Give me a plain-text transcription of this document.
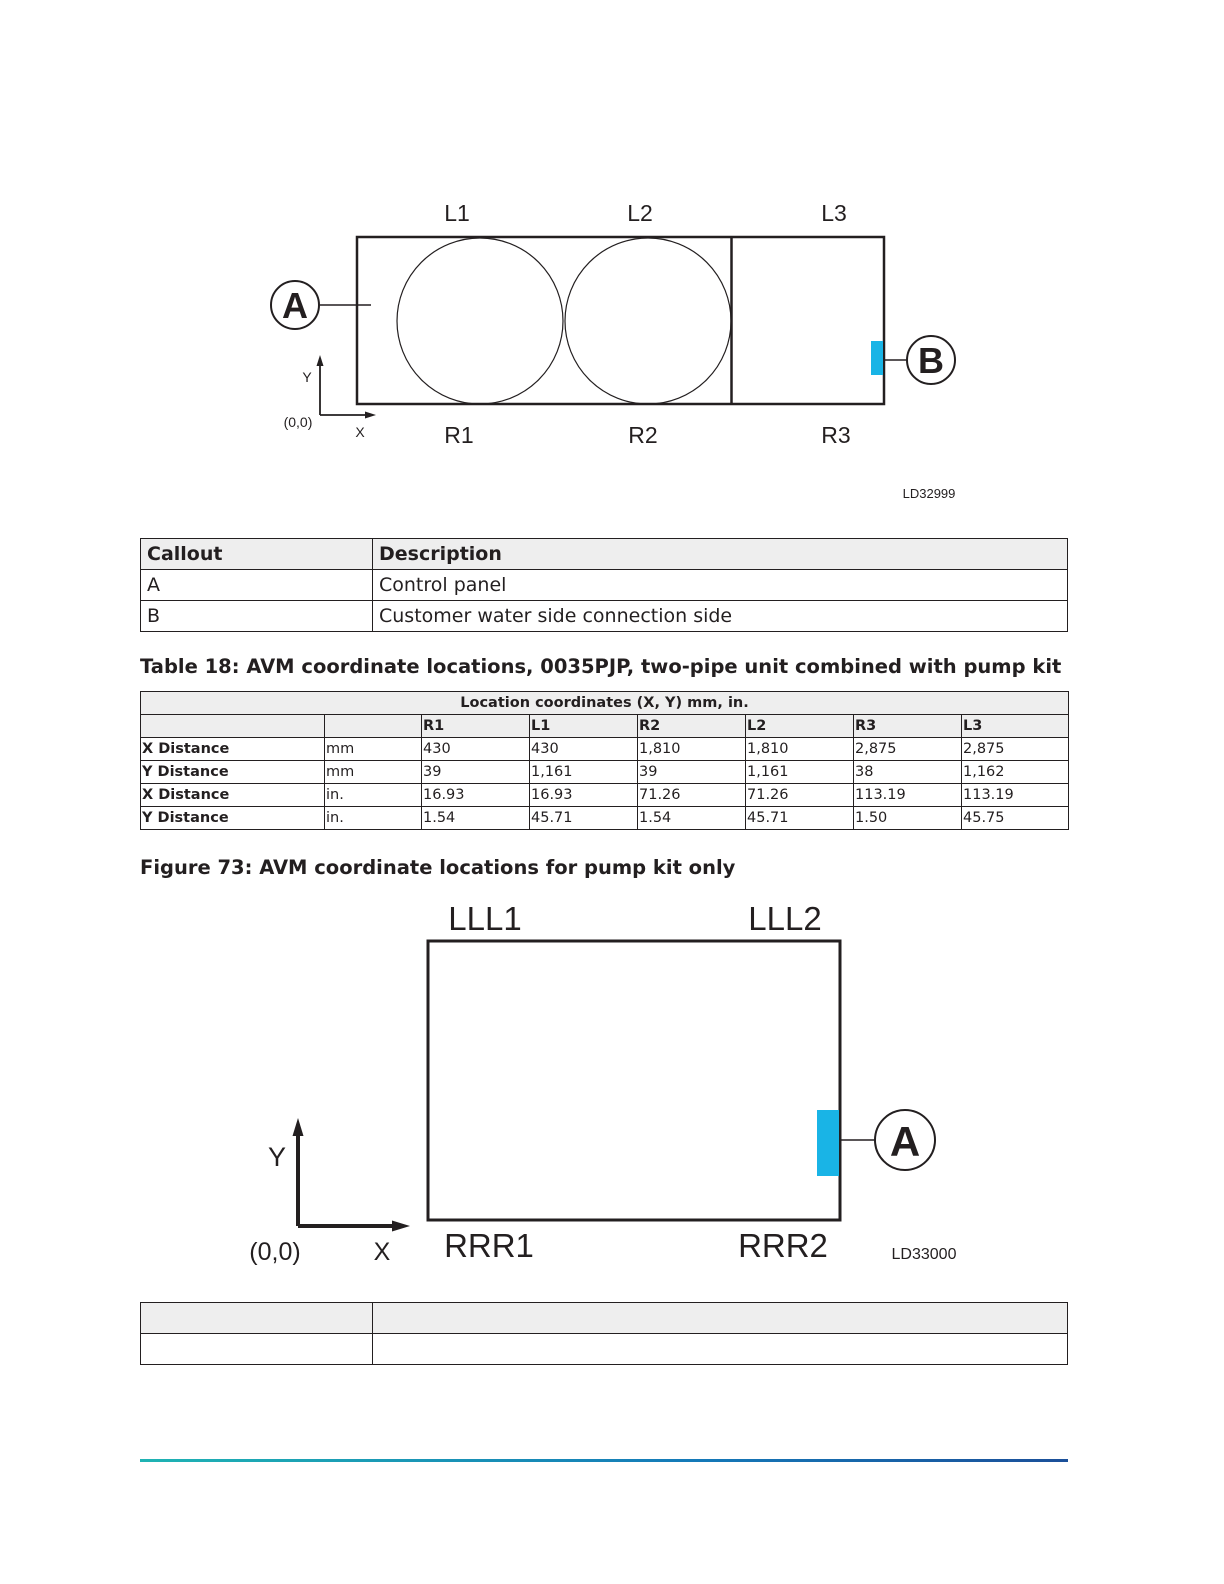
L1	L2	L3
R1	R2	R3
A
B
Y
X
(0,0)
LD32999
Callout	Description
A	Control panel
B	Customer water side connection side

Table 18: AVM coordinate locations, 0035PJP, two-pipe unit combined with pump kit

Location coordinates (X, Y) mm, in.							
		R1	L1	R2	L2	R3	L3
X Distance	mm	430	430	1,810	1,810	2,875	2,875
Y Distance	mm	39	1,161	39	1,161	38	1,162
X Distance	in.	16.93	16.93	71.26	71.26	113.19	113.19
Y Distance	in.	1.54	45.71	1.54	45.71	1.50	45.75

Figure 73: AVM coordinate locations for pump kit only

LLL1	LLL2
RRR1	RRR2
A
Y
X
(0,0)	LD33000
